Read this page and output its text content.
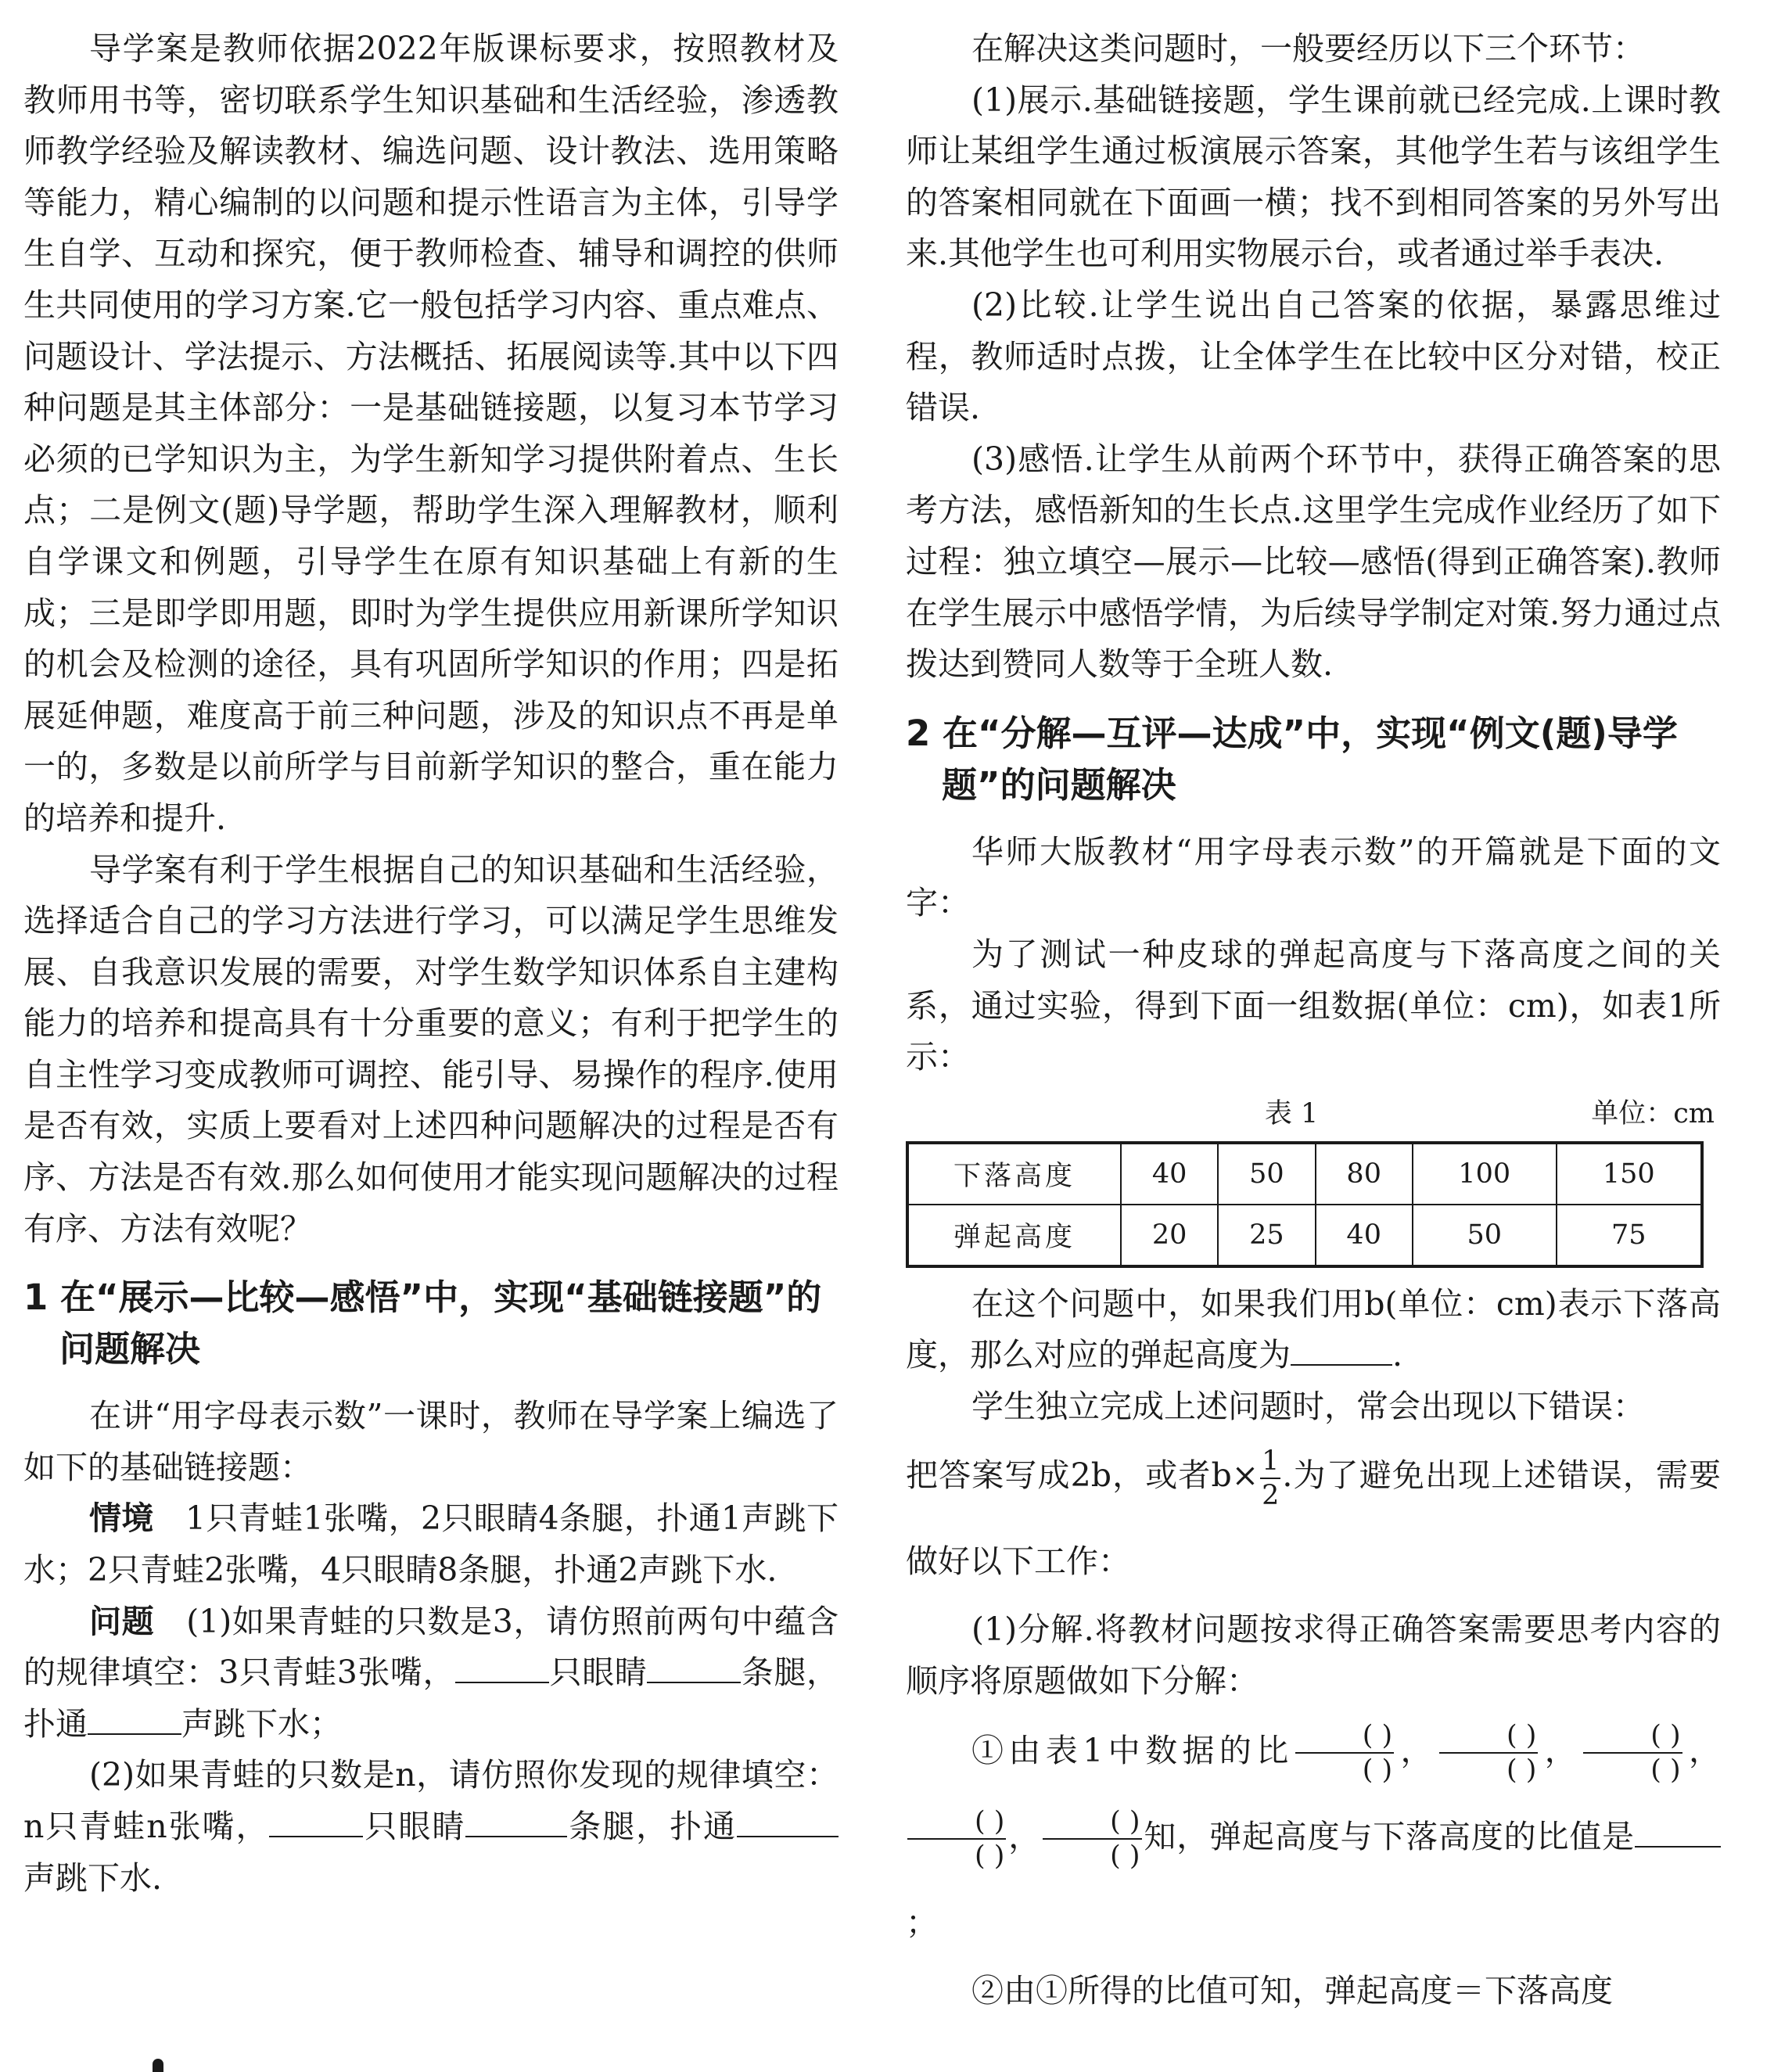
导学案是教师依据2022年版课标要求，按照教材及教师用书等，密切联系学生知识基础和生活经验，渗透教师教学经验及解读教材、编选问题、设计教法、选用策略等能力，精心编制的以问题和提示性语言为主体，引导学生自学、互动和探究，便于教师检查、辅导和调控的供师生共同使用的学习方案.它一般包括学习内容、重点难点、问题设计、学法提示、方法概括、拓展阅读等.其中以下四种问题是其主体部分：一是基础链接题，以复习本节学习必须的已学知识为主，为学生新知学习提供附着点、生长点；二是例文(题)导学题，帮助学生深入理解教材，顺利自学课文和例题，引导学生在原有知识基础上有新的生成；三是即学即用题，即时为学生提供应用新课所学知识的机会及检测的途径，具有巩固所学知识的作用；四是拓展延伸题，难度高于前三种问题，涉及的知识点不再是单一的，多数是以前所学与目前新学知识的整合，重在能力的培养和提升.

导学案有利于学生根据自己的知识基础和生活经验，选择适合自己的学习方法进行学习，可以满足学生思维发展、自我意识发展的需要，对学生数学知识体系自主建构能力的培养和提高具有十分重要的意义；有利于把学生的自主性学习变成教师可调控、能引导、易操作的程序.使用是否有效，实质上要看对上述四种问题解决的过程是否有序、方法是否有效.那么如何使用才能实现问题解决的过程有序、方法有效呢？

1 在“展示—比较—感悟”中，实现“基础链接题”的问题解决

在讲“用字母表示数”一课时，教师在导学案上编选了如下的基础链接题：

情境 1只青蛙1张嘴，2只眼睛4条腿，扑通1声跳下水；2只青蛙2张嘴，4只眼睛8条腿，扑通2声跳下水.

问题 (1)如果青蛙的只数是3，请仿照前两句中蕴含的规律填空：3只青蛙3张嘴，	只眼睛	条腿，扑通	声跳下水；

(2)如果青蛙的只数是n，请仿照你发现的规律填空：n只青蛙n张嘴，	只眼睛	条腿，扑通声跳下水.

在解决这类问题时，一般要经历以下三个环节：

(1)展示.基础链接题，学生课前就已经完成.上课时教师让某组学生通过板演展示答案，其他学生若与该组学生的答案相同就在下面画一横；找不到相同答案的另外写出来.其他学生也可利用实物展示台，或者通过举手表决.

(2)比较.让学生说出自己答案的依据，暴露思维过程，教师适时点拨，让全体学生在比较中区分对错，校正错误.

(3)感悟.让学生从前两个环节中，获得正确答案的思考方法，感悟新知的生长点.这里学生完成作业经历了如下过程：独立填空—展示—比较—感悟(得到正确答案).教师在学生展示中感悟学情，为后续导学制定对策.努力通过点拨达到赞同人数等于全班人数.

2 在“分解—互评—达成”中，实现“例文(题)导学题”的问题解决

华师大版教材“用字母表示数”的开篇就是下面的文字：

为了测试一种皮球的弹起高度与下落高度之间的关系，通过实验，得到下面一组数据(单位：cm)，如表1所示：

表 1	单位：cm
下落高度	40	50	80	100	150
弹起高度	20	25	40	50	75

在这个问题中，如果我们用b(单位：cm)表示下落高度，那么对应的弹起高度为	.

学生独立完成上述问题时，常会出现以下错误：

把答案写成2b，或者$b\times \frac{1}{2}$ .为了避免出现上述错误，需要做好以下工作：

(1)分解.将教材问题按求得正确答案需要思考内容的顺序将原题做如下分解：

①由表1中数据的比 $\frac{( )}{( )}$ ， $\frac{( )}{( )}$ ， $\frac{( )}{( )}$ ，
$\frac{( )}{( )}$ ， $\frac{( )}{( )}$ 知，弹起高度与下落高度的比值是；

②由①所得的比值可知，弹起高度＝下落高度
